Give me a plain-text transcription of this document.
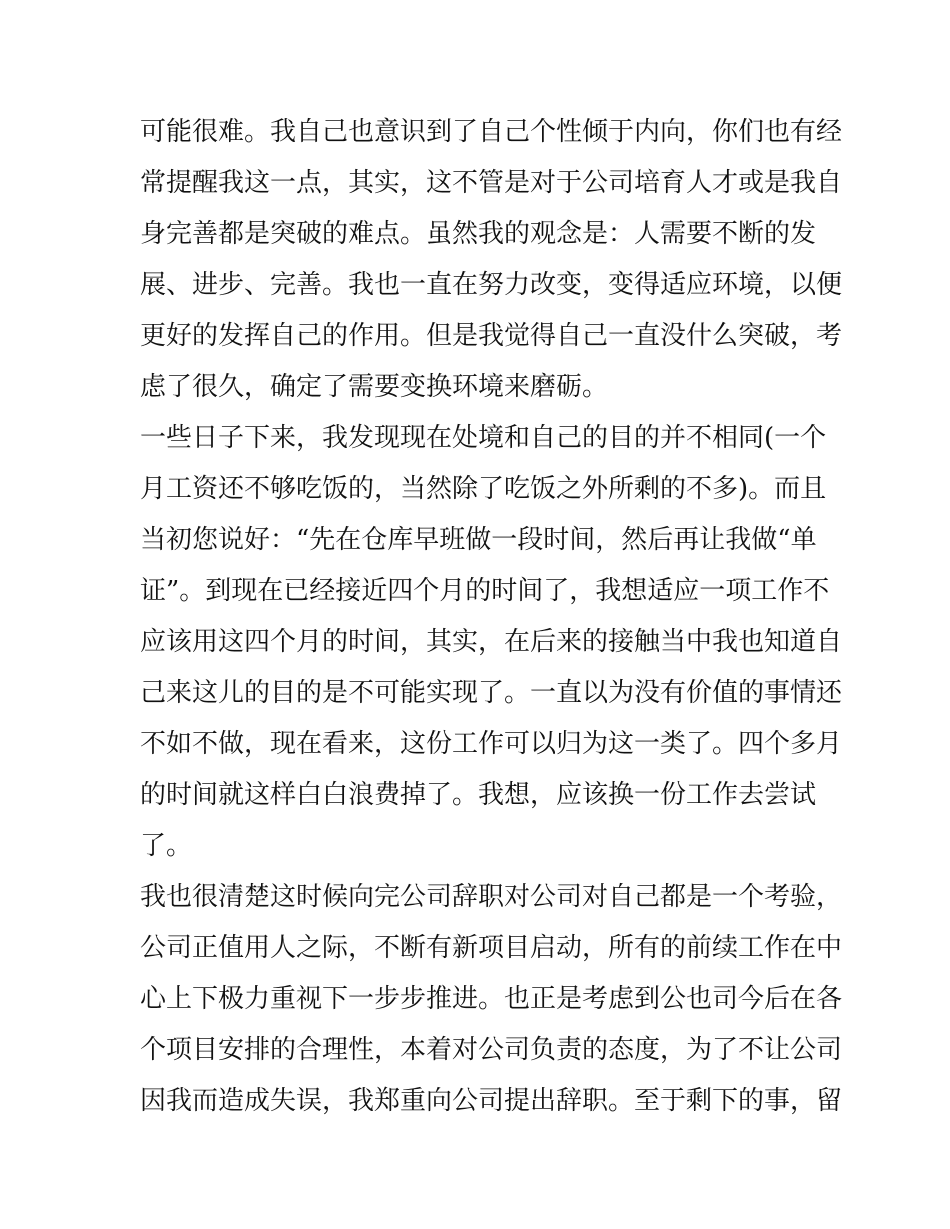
可能很难。我自己也意识到了自己个性倾于内向，你们也有经
常提醒我这一点，其实，这不管是对于公司培育人才或是我自
身完善都是突破的难点。虽然我的观念是：人需要不断的发
展、进步、完善。我也一直在努力改变，变得适应环境，以便
更好的发挥自己的作用。但是我觉得自己一直没什么突破，考
虑了很久，确定了需要变换环境来磨砺。
一些日子下来，我发现现在处境和自己的目的并不相同(一个
月工资还不够吃饭的，当然除了吃饭之外所剩的不多)。而且
当初您说好：“先在仓库早班做一段时间，然后再让我做“单
证”。到现在已经接近四个月的时间了，我想适应一项工作不
应该用这四个月的时间，其实，在后来的接触当中我也知道自
己来这儿的目的是不可能实现了。一直以为没有价值的事情还
不如不做，现在看来，这份工作可以归为这一类了。四个多月
的时间就这样白白浪费掉了。我想，应该换一份工作去尝试
了。
我也很清楚这时候向完公司辞职对公司对自己都是一个考验，
公司正值用人之际，不断有新项目启动，所有的前续工作在中
心上下极力重视下一步步推进。也正是考虑到公也司今后在各
个项目安排的合理性，本着对公司负责的态度，为了不让公司
因我而造成失误，我郑重向公司提出辞职。至于剩下的事，留
